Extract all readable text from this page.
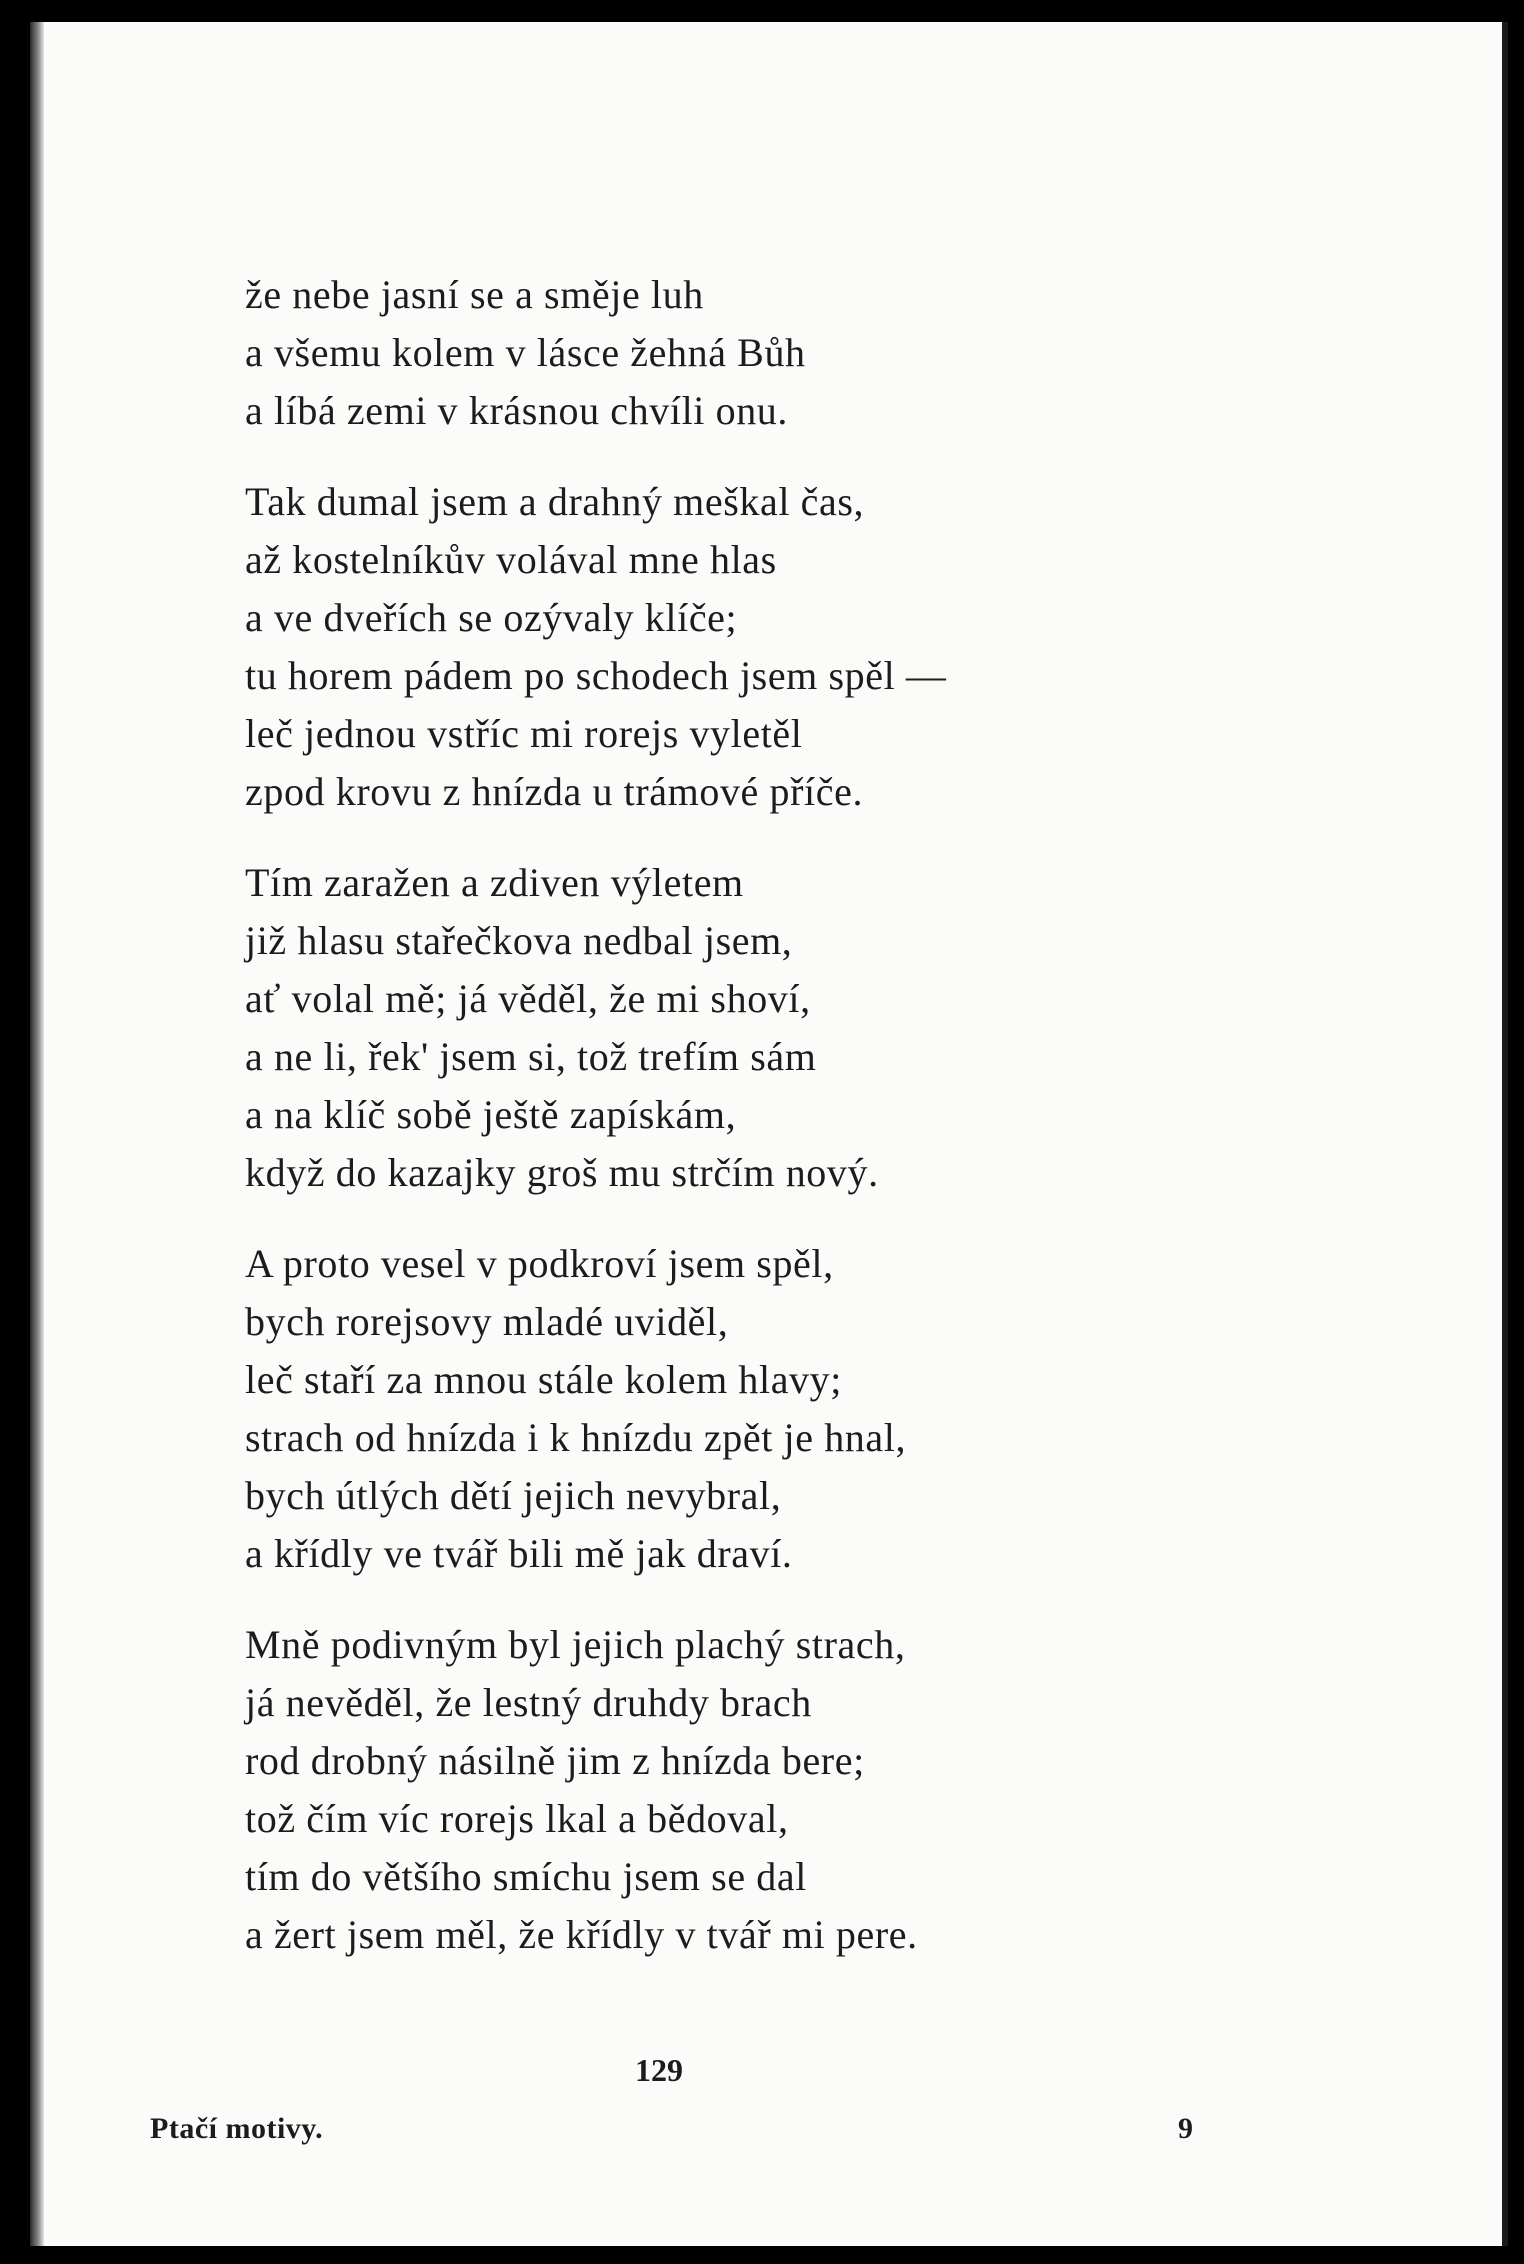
že nebe jasní se a směje luh
a všemu kolem v lásce žehná Bůh
a líbá zemi v krásnou chvíli onu.
Tak dumal jsem a drahný meškal čas,
až kostelníkův volával mne hlas
a ve dveřích se ozývaly klíče;
tu horem pádem po schodech jsem spěl —
leč jednou vstříc mi rorejs vyletěl
zpod krovu z hnízda u trámové příče.
Tím zaražen a zdiven výletem
již hlasu stařečkova nedbal jsem,
ať volal mě; já věděl, že mi shoví,
a ne li, řek' jsem si, tož trefím sám
a na klíč sobě ještě zapískám,
když do kazajky groš mu strčím nový.
A proto vesel v podkroví jsem spěl,
bych rorejsovy mladé uviděl,
leč staří za mnou stále kolem hlavy;
strach od hnízda i k hnízdu zpět je hnal,
bych útlých dětí jejich nevybral,
a křídly ve tvář bili mě jak draví.
Mně podivným byl jejich plachý strach,
já nevěděl, že lestný druhdy brach
rod drobný násilně jim z hnízda bere;
tož čím víc rorejs lkal a bědoval,
tím do většího smíchu jsem se dal
a žert jsem měl, že křídly v tvář mi pere.
129
Ptačí motivy.	9
